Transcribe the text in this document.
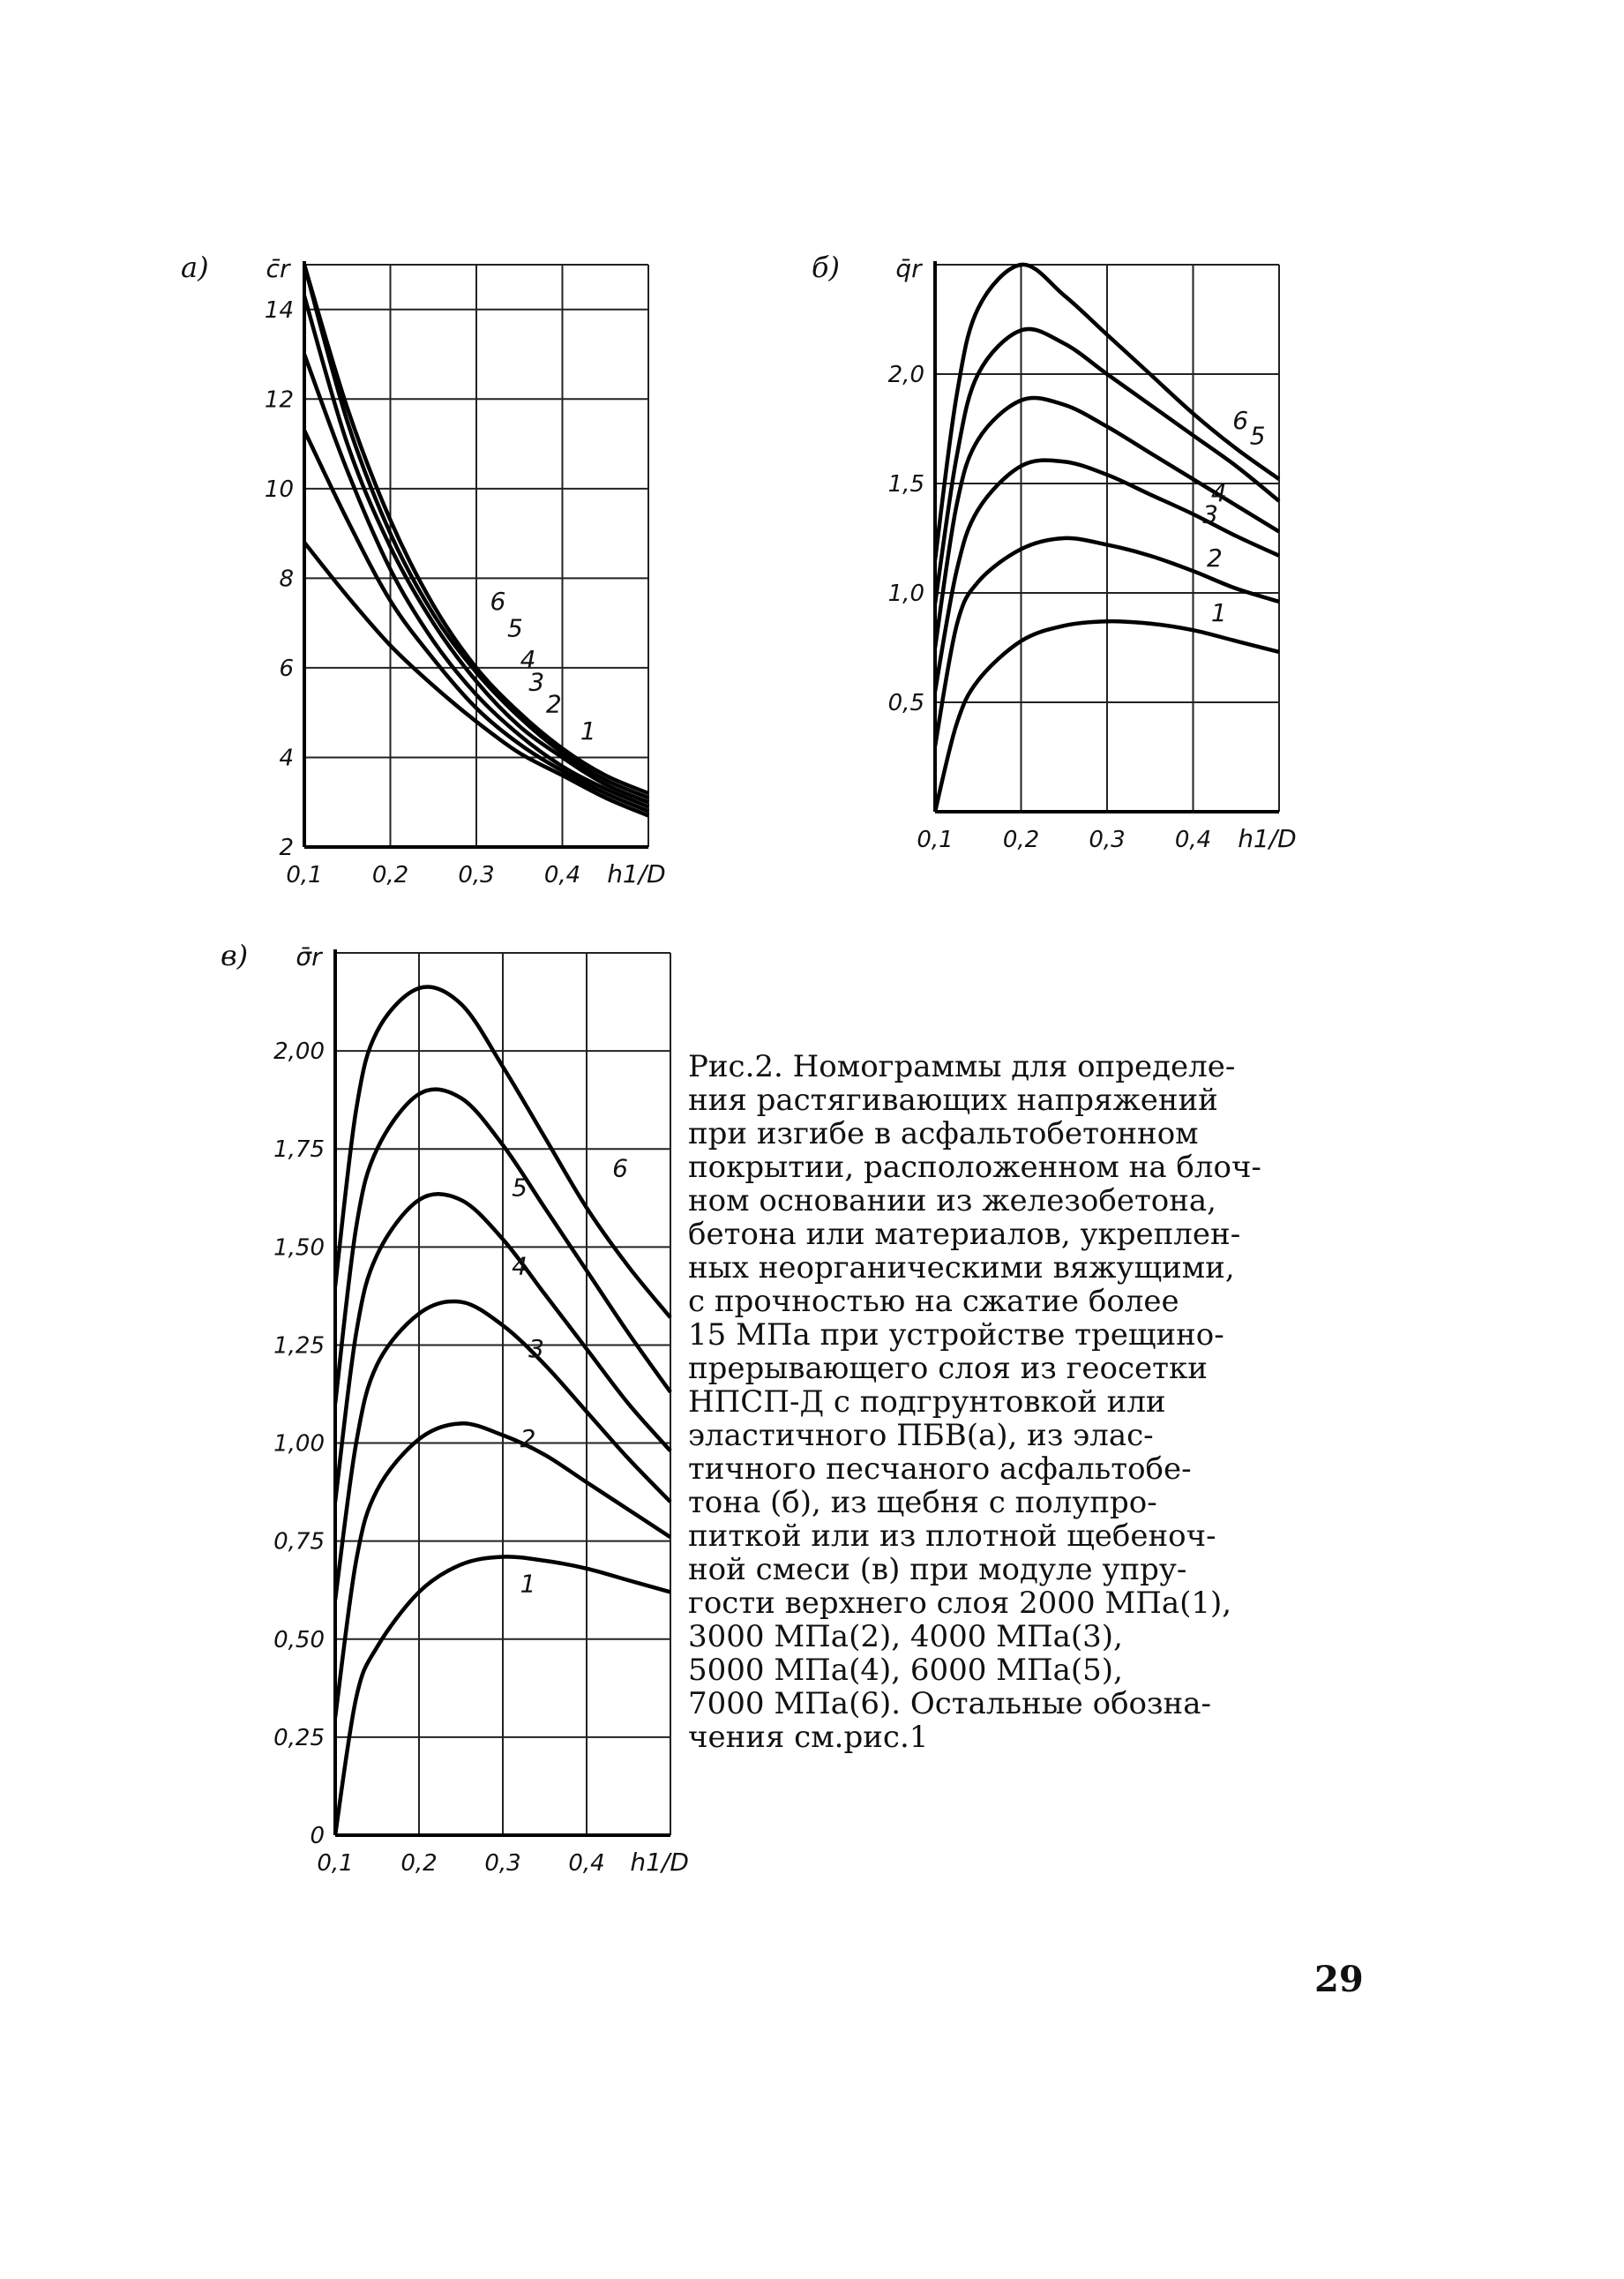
2
4
6
8
10
12
14
0,1 0,2 0,3 0,4 h1/D
c̄r
а)
1
2
3
4
5
6
0,5
1,0
1,5
2,0
0,1 0,2 0,3 0,4 h1/D
q̄r
б)
1
2
3
4
5
6
0
0,25
0,50
0,75
1,00
1,25
1,50
1,75
2,00
0,1 0,2 0,3 0,4 h1/D
σ̄r
в)
1
2
3
4
5
6
Рис.2. Номограммы для определе-
ния растягивающих напряжений
при изгибе в асфальтобетонном
покрытии, расположенном на блоч-
ном основании из железобетона,
бетона или материалов, укреплен-
ных неорганическими вяжущими,
с прочностью на сжатие более
15 МПа при устройстве трещино-
прерывающего слоя из геосетки
НПСП-Д с подгрунтовкой или
эластичного ПБВ(а), из элас-
тичного песчаного асфальтобе-
тона (б), из щебня с полупро-
питкой или из плотной щебеноч-
ной смеси (в) при модуле упру-
гости верхнего слоя 2000 МПа(1),
3000 МПа(2), 4000 МПа(3),
5000 МПа(4), 6000 МПа(5),
7000 МПа(6). Остальные обозна-
чения см.рис.1
29
